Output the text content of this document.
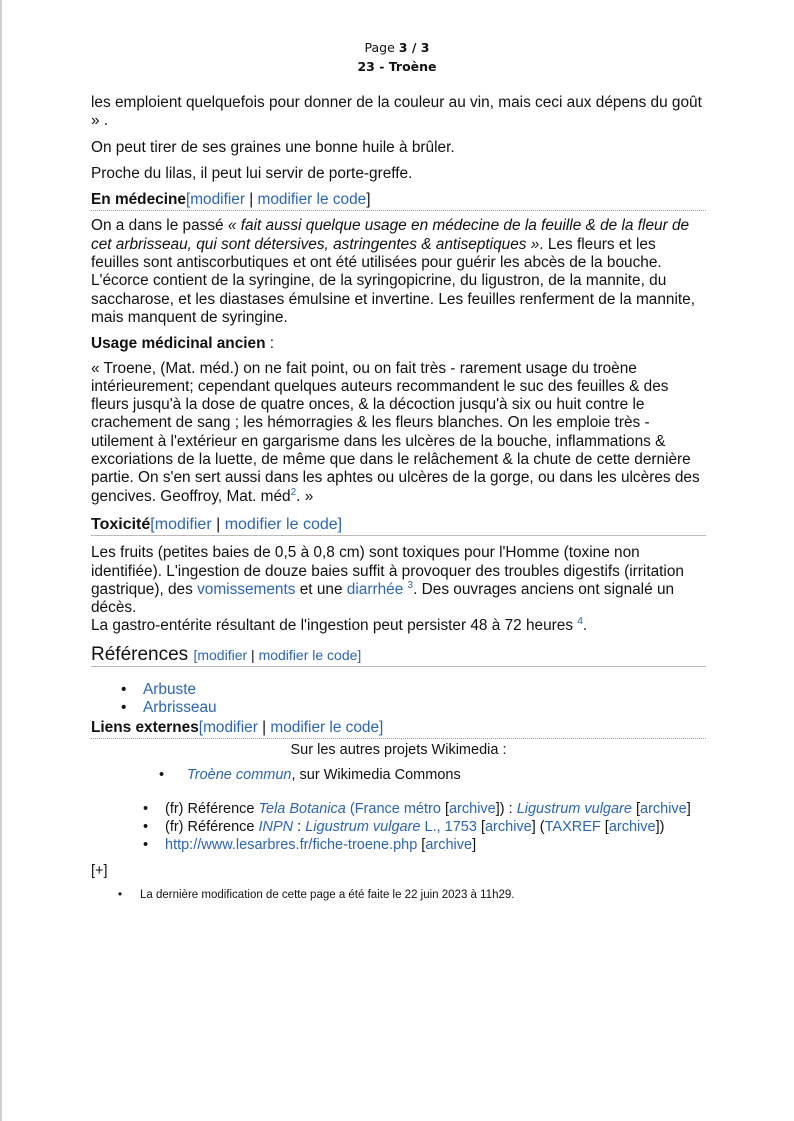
Page 3 / 3
23 - Troène

les emploient quelquefois pour donner de la couleur au vin, mais ceci aux dépens du goût » .

On peut tirer de ses graines une bonne huile à brûler.

Proche du lilas, il peut lui servir de porte-greffe.

En médecine[modifier | modifier le code]

On a dans le passé « fait aussi quelque usage en médecine de la feuille & de la fleur de cet arbrisseau, qui sont détersives, astringentes & antiseptiques ». Les fleurs et les feuilles sont antiscorbutiques et ont été utilisées pour guérir les abcès de la bouche. L'écorce contient de la syringine, de la syringopicrine, du ligustron, de la mannite, du saccharose, et les diastases émulsine et invertine. Les feuilles renferment de la mannite, mais manquent de syringine.

Usage médicinal ancien :

« Troene, (Mat. méd.) on ne fait point, ou on fait très - rarement usage du troène intérieurement; cependant quelques auteurs recommandent le suc des feuilles & des fleurs jusqu'à la dose de quatre onces, & la décoction jusqu'à six ou huit contre le crachement de sang ; les hémorragies & les fleurs blanches. On les emploie très - utilement à l'extérieur en gargarisme dans les ulcères de la bouche, inflammations & excoriations de la luette, de même que dans le relâchement & la chute de cette dernière partie. On s'en sert aussi dans les aphtes ou ulcères de la gorge, ou dans les ulcères des gencives. Geoffroy, Mat. méd$^2$. »

Toxicité[modifier | modifier le code]
Les fruits (petites baies de 0,5 à 0,8 cm) sont toxiques pour l'Homme (toxine non identifiée). L'ingestion de douze baies suffit à provoquer des troubles digestifs (irritation gastrique), des vomissements et une diarrhée $^3$. Des ouvrages anciens ont signalé un décès.
La gastro-entérite résultant de l'ingestion peut persister 48 à 72 heures $^4$.
Références [modifier | modifier le code]
• Arbuste
• Arbrisseau
Liens externes[modifier | modifier le code]
Sur les autres projets Wikimedia :
• Troène commun, sur Wikimedia Commons
• (fr) Référence Tela Botanica (France métro [archive]) : Ligustrum vulgare [archive]
• (fr) Référence INPN : Ligustrum vulgare L., 1753 [archive] (TAXREF [archive])
• http://www.lesarbres.fr/fiche-troene.php [archive]
[+]
• La dernière modification de cette page a été faite le 22 juin 2023 à 11h29.
